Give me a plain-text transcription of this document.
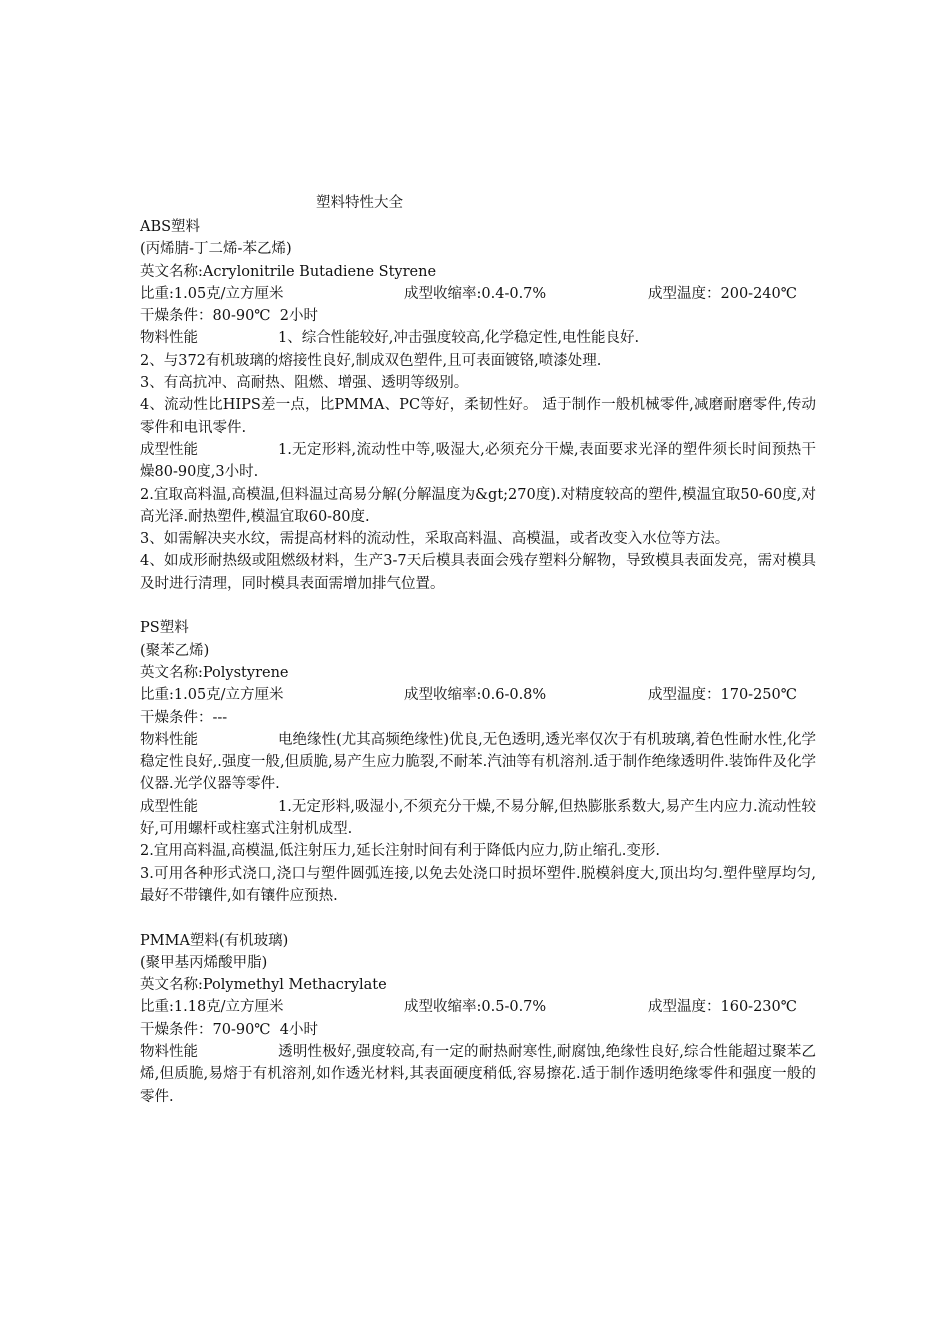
塑料特性大全
ABS塑料
(丙烯腈-丁二烯-苯乙烯)
英文名称:Acrylonitrile Butadiene Styrene
比重:1.05克/立方厘米	成型收缩率:0.4-0.7%	成型温度：200-240℃
干燥条件：80-90℃  2小时
物料性能	1、综合性能较好,冲击强度较高,化学稳定性,电性能良好.
2、与372有机玻璃的熔接性良好,制成双色塑件,且可表面镀铬,喷漆处理.
3、有高抗冲、高耐热、阻燃、增强、透明等级别。
4、流动性比HIPS差一点，比PMMA、PC等好，柔韧性好。 适于制作一般机械零件,减磨耐磨零件,传动零件和电讯零件.
成型性能	1.无定形料,流动性中等,吸湿大,必须充分干燥,表面要求光泽的塑件须长时间预热干燥80-90度,3小时.
2.宜取高料温,高模温,但料温过高易分解(分解温度为&gt;270度).对精度较高的塑件,模温宜取50-60度,对高光泽.耐热塑件,模温宜取60-80度.
3、如需解决夹水纹，需提高材料的流动性，采取高料温、高模温，或者改变入水位等方法。
4、如成形耐热级或阻燃级材料，生产3-7天后模具表面会残存塑料分解物，导致模具表面发亮，需对模具及时进行清理，同时模具表面需增加排气位置。
PS塑料
(聚苯乙烯)
英文名称:Polystyrene
比重:1.05克/立方厘米	成型收缩率:0.6-0.8%	成型温度：170-250℃
干燥条件：---
物料性能	电绝缘性(尤其高频绝缘性)优良,无色透明,透光率仅次于有机玻璃,着色性耐水性,化学稳定性良好,.强度一般,但质脆,易产生应力脆裂,不耐苯.汽油等有机溶剂.适于制作绝缘透明件.装饰件及化学仪器.光学仪器等零件.
成型性能	1.无定形料,吸湿小,不须充分干燥,不易分解,但热膨胀系数大,易产生内应力.流动性较好,可用螺杆或柱塞式注射机成型.
2.宜用高料温,高模温,低注射压力,延长注射时间有利于降低内应力,防止缩孔.变形.
3.可用各种形式浇口,浇口与塑件圆弧连接,以免去处浇口时损坏塑件.脱模斜度大,顶出均匀.塑件壁厚均匀,最好不带镶件,如有镶件应预热.
PMMA塑料(有机玻璃)
(聚甲基丙烯酸甲脂)
英文名称:Polymethyl Methacrylate
比重:1.18克/立方厘米	成型收缩率:0.5-0.7%	成型温度：160-230℃
干燥条件：70-90℃  4小时
物料性能	透明性极好,强度较高,有一定的耐热耐寒性,耐腐蚀,绝缘性良好,综合性能超过聚苯乙烯,但质脆,易熔于有机溶剂,如作透光材料,其表面硬度稍低,容易擦花.适于制作透明绝缘零件和强度一般的零件.
